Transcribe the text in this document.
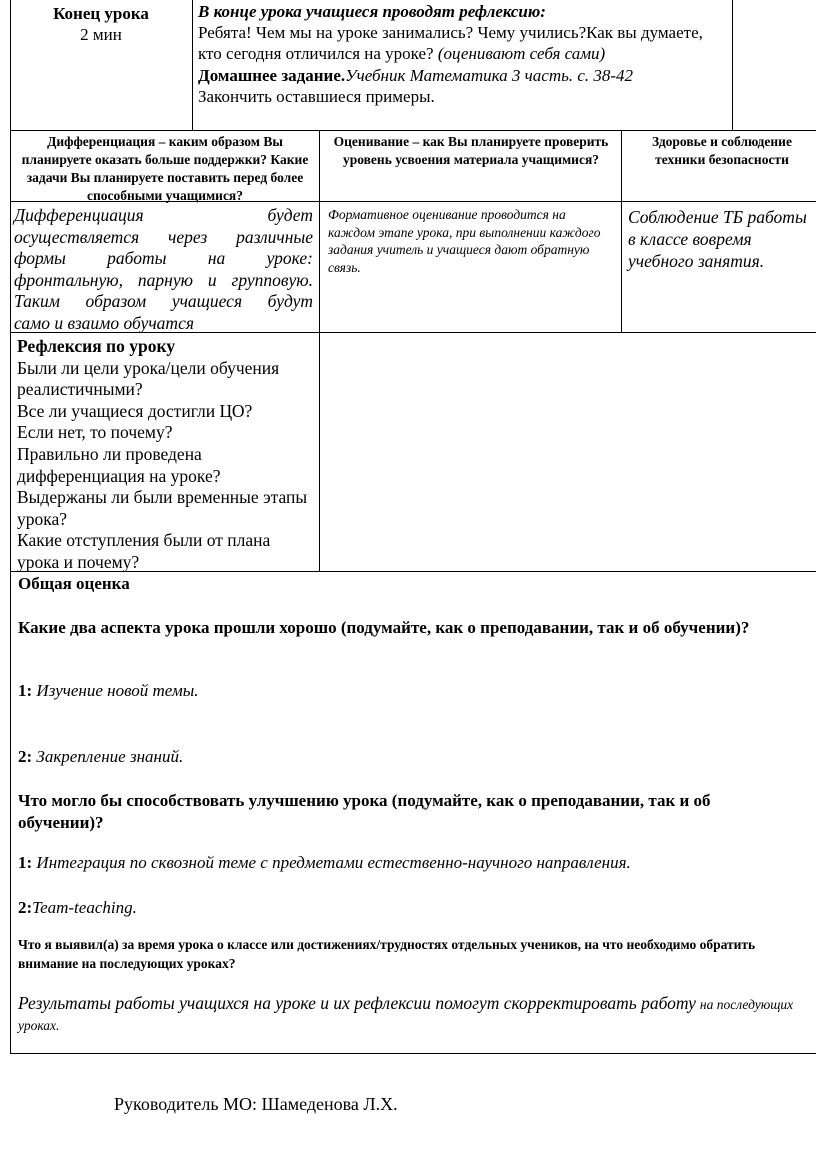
Конец урока
2 мин
В конце урока учащиеся проводят рефлексию:
Ребята! Чем мы на уроке занимались? Чему учились?Как вы думаете, кто сегодня отличился на уроке? (оценивают себя сами)
Домашнее задание.Учебник Математика 3 часть. с. 38-42
Закончить оставшиеся примеры.
Дифференциация – каким образом Вы планируете оказать больше поддержки? Какие задачи Вы планируете поставить перед более способными учащимися?
Оценивание – как Вы планируете проверить уровень усвоения материала учащимися?
Здоровье и соблюдение техники безопасности
Дифференциация будет
осуществляется через различные
формы работы на уроке:
фронтальную, парную и групповую.
Таким образом учащиеся будут
само и взаимо обучатся
Формативное оценивание проводится на каждом этапе урока, при выполнении каждого задания учитель и учащиеся дают обратную связь.
Соблюдение ТБ работы в классе вовремя учебного занятия.
Рефлексия по уроку
Были ли цели урока/цели обучения реалистичными?
Все ли учащиеся достигли ЦО?
Если нет, то почему?
Правильно ли проведена дифференциация на уроке?
Выдержаны ли были временные этапы урока?
Какие отступления были от плана урока и почему?
Общая оценка
Какие два аспекта урока прошли хорошо (подумайте, как о преподавании, так и об обучении)?
1: Изучение новой темы.
2: Закрепление знаний.
Что могло бы способствовать улучшению урока (подумайте, как о преподавании, так и об обучении)?
1: Интеграция по сквозной теме с предметами естественно-научного направления.
2:Team-teaching.
Что я выявил(а) за время урока о классе или достижениях/трудностях отдельных учеников, на что необходимо обратить внимание на последующих уроках?
Результаты работы учащихся на уроке и их рефлексии помогут скорректировать работу на последующих уроках.
Руководитель МО: Шамеденова Л.Х.
